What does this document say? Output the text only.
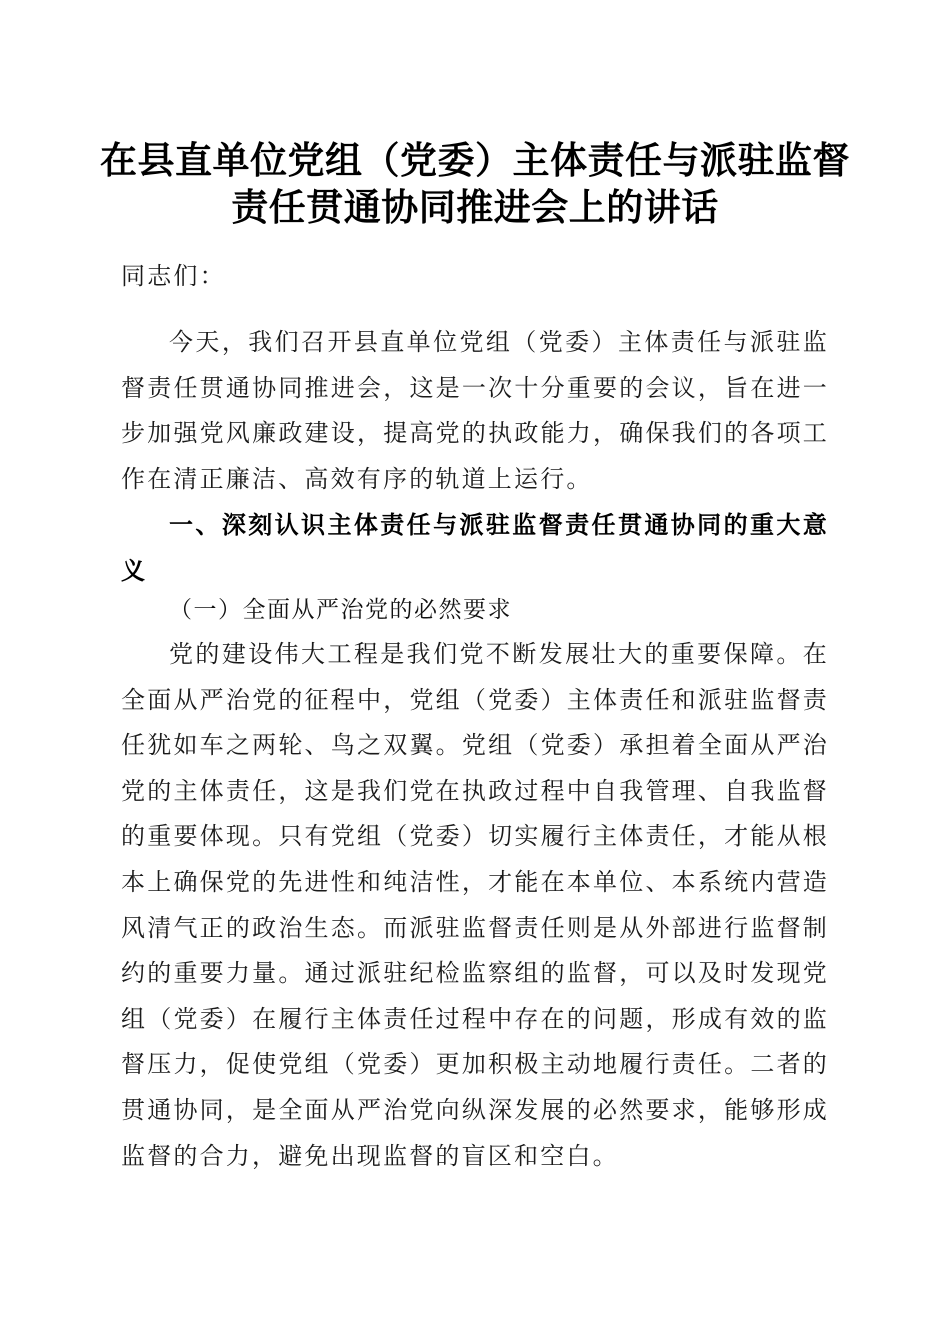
在县直单位党组（党委）主体责任与派驻监督
责任贯通协同推进会上的讲话

同志们：

今天，我们召开县直单位党组（党委）主体责任与派驻监督责任贯通协同推进会，这是一次十分重要的会议，旨在进一步加强党风廉政建设，提高党的执政能力，确保我们的各项工作在清正廉洁、高效有序的轨道上运行。

一、深刻认识主体责任与派驻监督责任贯通协同的重大意义

（一）全面从严治党的必然要求

党的建设伟大工程是我们党不断发展壮大的重要保障。在全面从严治党的征程中，党组（党委）主体责任和派驻监督责任犹如车之两轮、鸟之双翼。党组（党委）承担着全面从严治党的主体责任，这是我们党在执政过程中自我管理、自我监督的重要体现。只有党组（党委）切实履行主体责任，才能从根本上确保党的先进性和纯洁性，才能在本单位、本系统内营造风清气正的政治生态。而派驻监督责任则是从外部进行监督制约的重要力量。通过派驻纪检监察组的监督，可以及时发现党组（党委）在履行主体责任过程中存在的问题，形成有效的监督压力，促使党组（党委）更加积极主动地履行责任。二者的贯通协同，是全面从严治党向纵深发展的必然要求，能够形成监督的合力，避免出现监督的盲区和空白。
